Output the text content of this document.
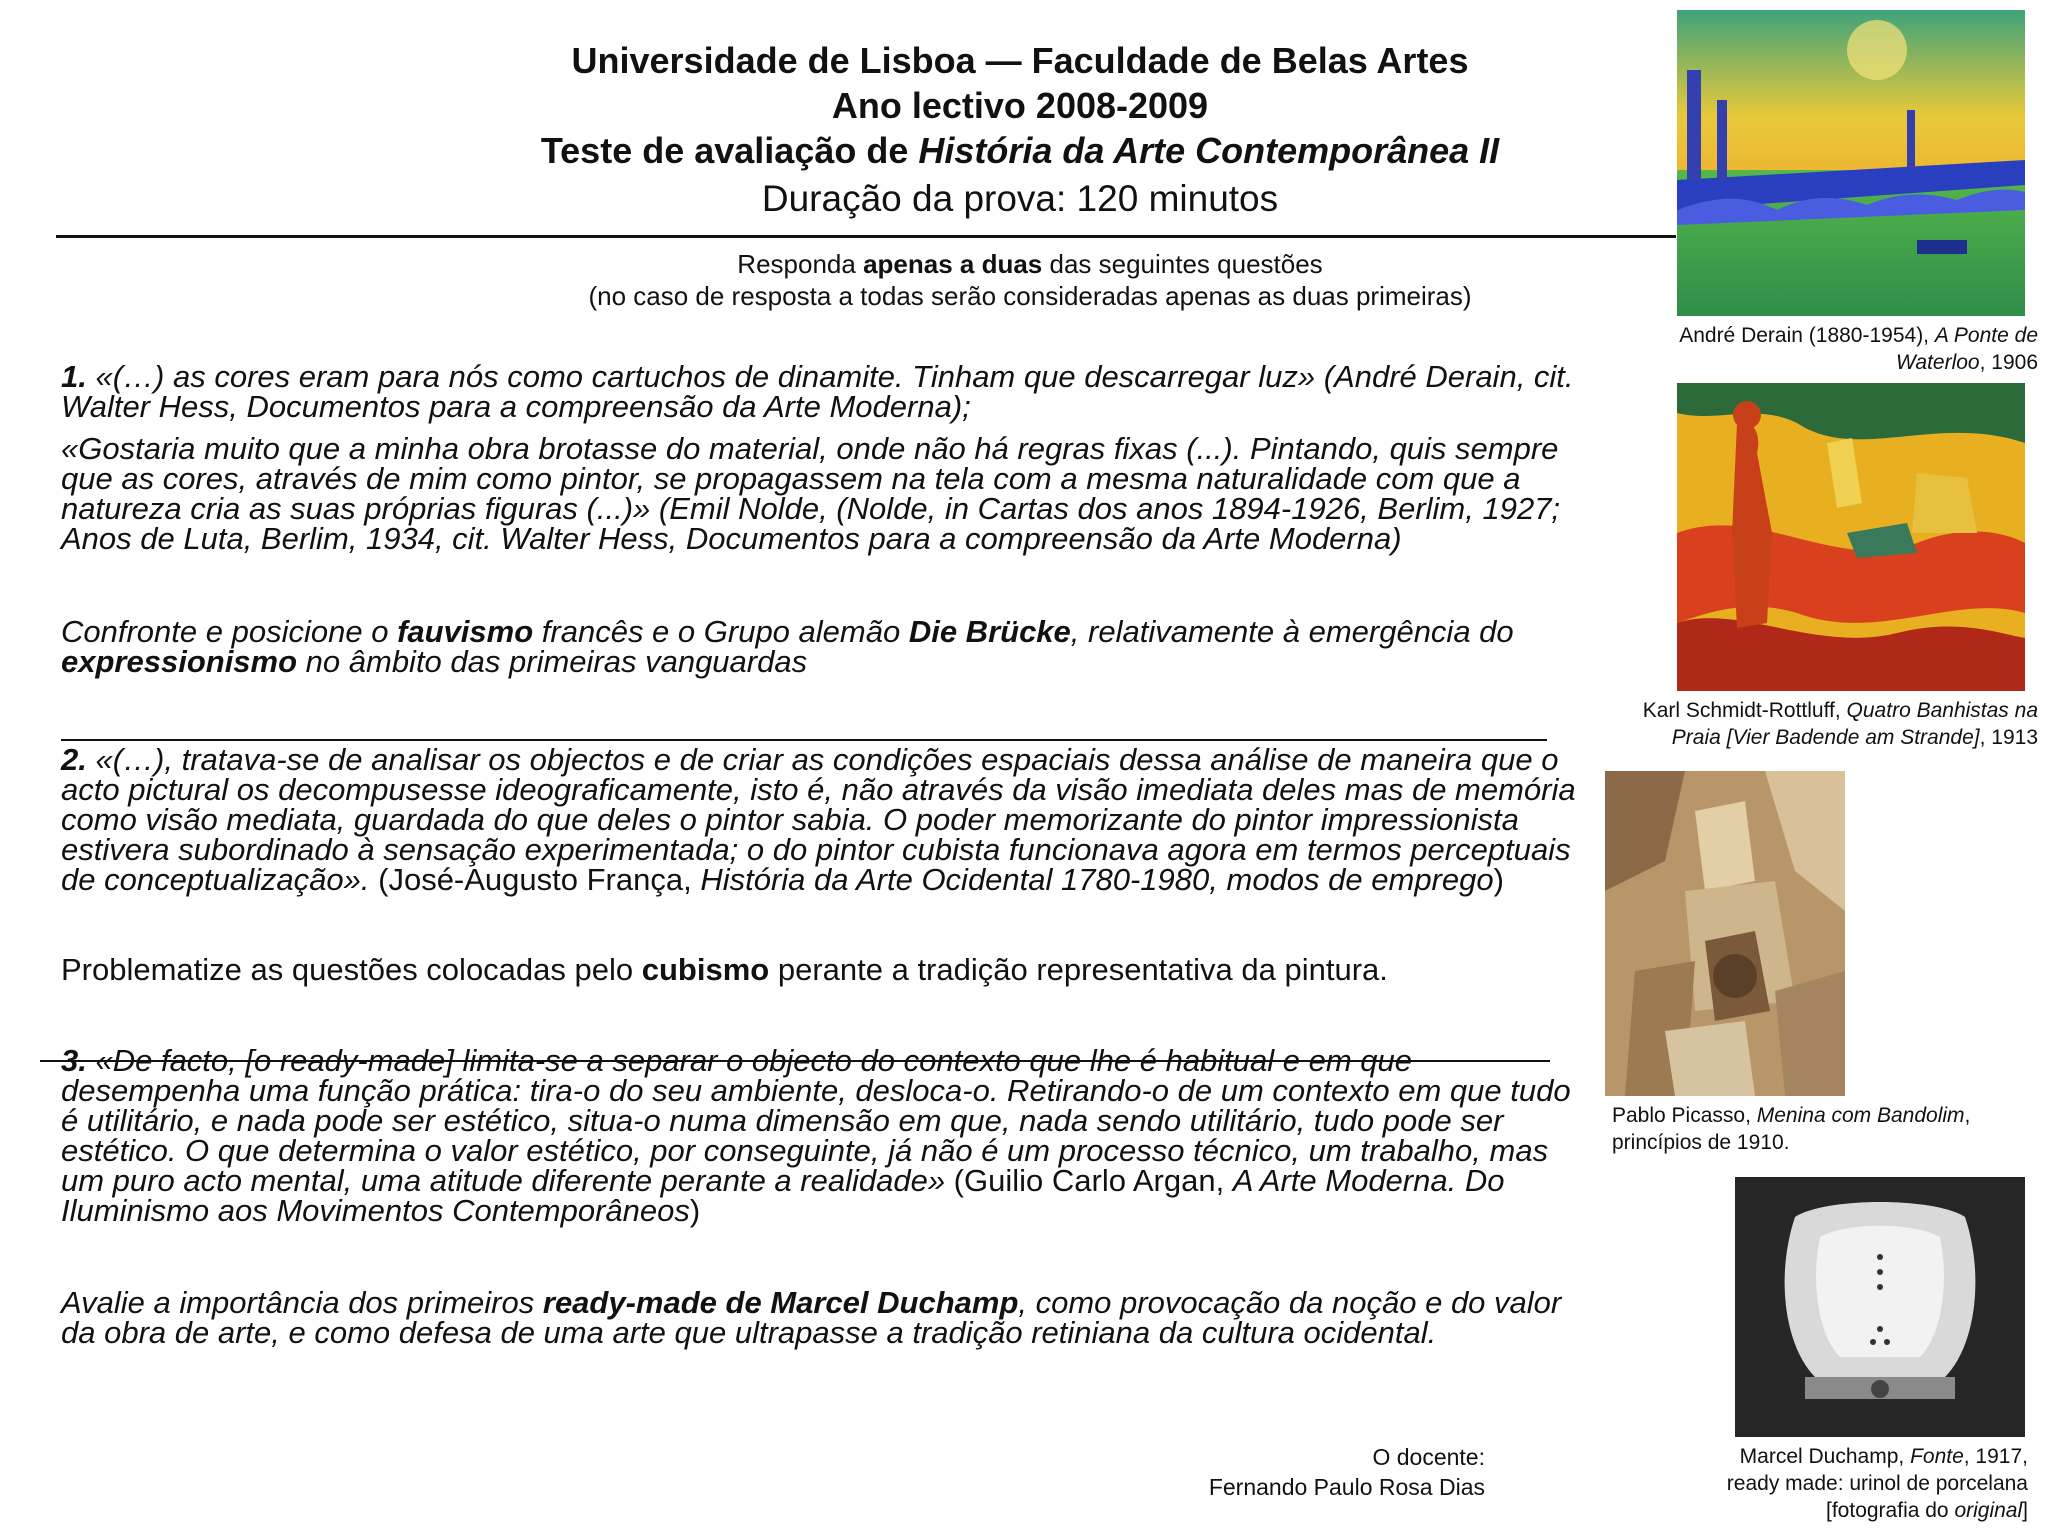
Universidade de Lisboa — Faculdade de Belas Artes
Ano lectivo 2008-2009
Teste de avaliação de História da Arte Contemporânea II
Duração da prova: 120 minutos
Responda apenas a duas das seguintes questões
(no caso de resposta a todas serão consideradas apenas as duas primeiras)

1. «(…) as cores eram para nós como cartuchos de dinamite. Tinham que descarregar luz» (André Derain, cit. Walter Hess, Documentos para a compreensão da Arte Moderna);

«Gostaria muito que a minha obra brotasse do material, onde não há regras fixas (...). Pintando, quis sempre que as cores, através de mim como pintor, se propagassem na tela com a mesma naturalidade com que a natureza cria as suas próprias figuras (...)» (Emil Nolde, (Nolde, in Cartas dos anos 1894-1926, Berlim, 1927; Anos de Luta, Berlim, 1934, cit. Walter Hess, Documentos para a compreensão da Arte Moderna)

Confronte e posicione o fauvismo francês e o Grupo alemão Die Brücke, relativamente à emergência do expressionismo no âmbito das primeiras vanguardas

2. «(…), tratava-se de analisar os objectos e de criar as condições espaciais dessa análise de maneira que o acto pictural os decompusesse ideograficamente, isto é, não através da visão imediata deles mas de memória como visão mediata, guardada do que deles o pintor sabia. O poder memorizante do pintor impressionista estivera subordinado à sensação experimentada; o do pintor cubista funcionava agora em termos perceptuais de conceptualização». (José-Augusto França, História da Arte Ocidental 1780-1980, modos de emprego)

Problematize as questões colocadas pelo cubismo perante a tradição representativa da pintura.

3. «De facto, [o ready-made] limita-se a separar o objecto do contexto que lhe é habitual e em que desempenha uma função prática: tira-o do seu ambiente, desloca-o. Retirando-o de um contexto em que tudo é utilitário, e nada pode ser estético, situa-o numa dimensão em que, nada sendo utilitário, tudo pode ser estético. O que determina o valor estético, por conseguinte, já não é um processo técnico, um trabalho, mas um puro acto mental, uma atitude diferente perante a realidade» (Guilio Carlo Argan, A Arte Moderna. Do Iluminismo aos Movimentos Contemporâneos)

Avalie a importância dos primeiros ready-made de Marcel Duchamp, como provocação da noção e do valor da obra de arte, e como defesa de uma arte que ultrapasse a tradição retiniana da cultura ocidental.

O docente:
Fernando Paulo Rosa Dias
André Derain (1880-1954), A Ponte de Waterloo, 1906
Karl Schmidt-Rottluff, Quatro Banhistas na Praia [Vier Badende am Strande], 1913
Pablo Picasso, Menina com Bandolim, princípios de 1910.
Marcel Duchamp, Fonte, 1917,
ready made: urinol de porcelana
[fotografia do original]
